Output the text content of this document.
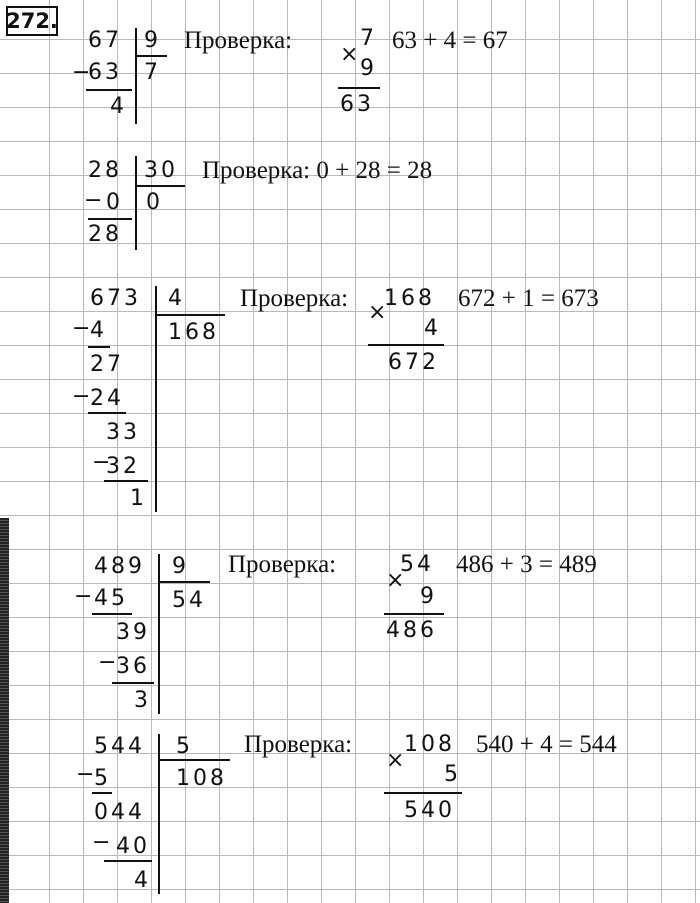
272.
67 9
7
−
63
4
Проверка:	7
×
9
63
63 + 4 = 67
28 30
0
− 0
28
Проверка: 0 + 28 = 28
673 4
168
−
4
27
−
24
33
−
32
1
Проверка: 168
×
4
672
672 + 1 = 673
489 9
54
−
45
39
−
36
3
Проверка:	54
×
9
486
486 + 3 = 489
544 5
108
−
5
044
− 40
4
Проверка: 108
×
5
540
540 + 4 = 544
